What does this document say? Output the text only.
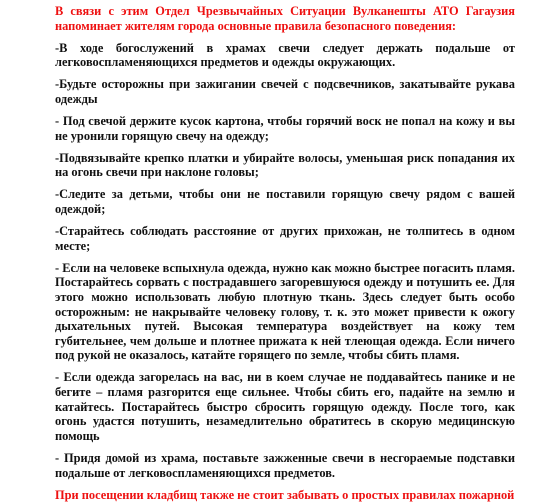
В связи с этим Отдел Чрезвычайных Ситуации Вулканешты АТО Гагаузия напоминает жителям города основные правила безопасного поведения:

-В ходе богослужений в храмах свечи следует держать подальше от легковоспламеняющихся предметов и одежды окружающих.

-Будьте осторожны при зажигании свечей с подсвечников, закатывайте рукава одежды

- Под свечой держите кусок картона, чтобы горячий воск не попал на кожу и вы не уронили горящую свечу на одежду;

-Подвязывайте крепко платки и убирайте волосы, уменьшая риск попадания их на огонь свечи при наклоне головы;

-Следите за детьми, чтобы они не поставили горящую свечу рядом с вашей одеждой;

-Старайтесь соблюдать расстояние от других прихожан, не толпитесь в одном месте;

- Если на человеке вспыхнула одежда, нужно как можно быстрее погасить пламя. Постарайтесь сорвать с пострадавшего загоревшуюся одежду и потушить ее. Для этого можно использовать любую плотную ткань. Здесь следует быть особо осторожным: не накрывайте человеку голову, т. к. это может привести к ожогу дыхательных путей. Высокая температура воздействует на кожу тем губительнее, чем дольше и плотнее прижата к ней тлеющая одежда. Если ничего под рукой не оказалось, катайте горящего по земле, чтобы сбить пламя.

- Если одежда загорелась на вас, ни в коем случае не поддавайтесь панике и не бегите – пламя разгорится еще сильнее. Чтобы сбить его, падайте на землю и катайтесь. Постарайтесь быстро сбросить горящую одежду. После того, как огонь удастся потушить, незамедлительно обратитесь в скорую медицинскую помощь

- Придя домой из храма, поставьте зажженные свечи в несгораемые подставки подальше от легковоспламеняющихся предметов.

При посещении кладбищ также не стоит забывать о простых правилах пожарной
